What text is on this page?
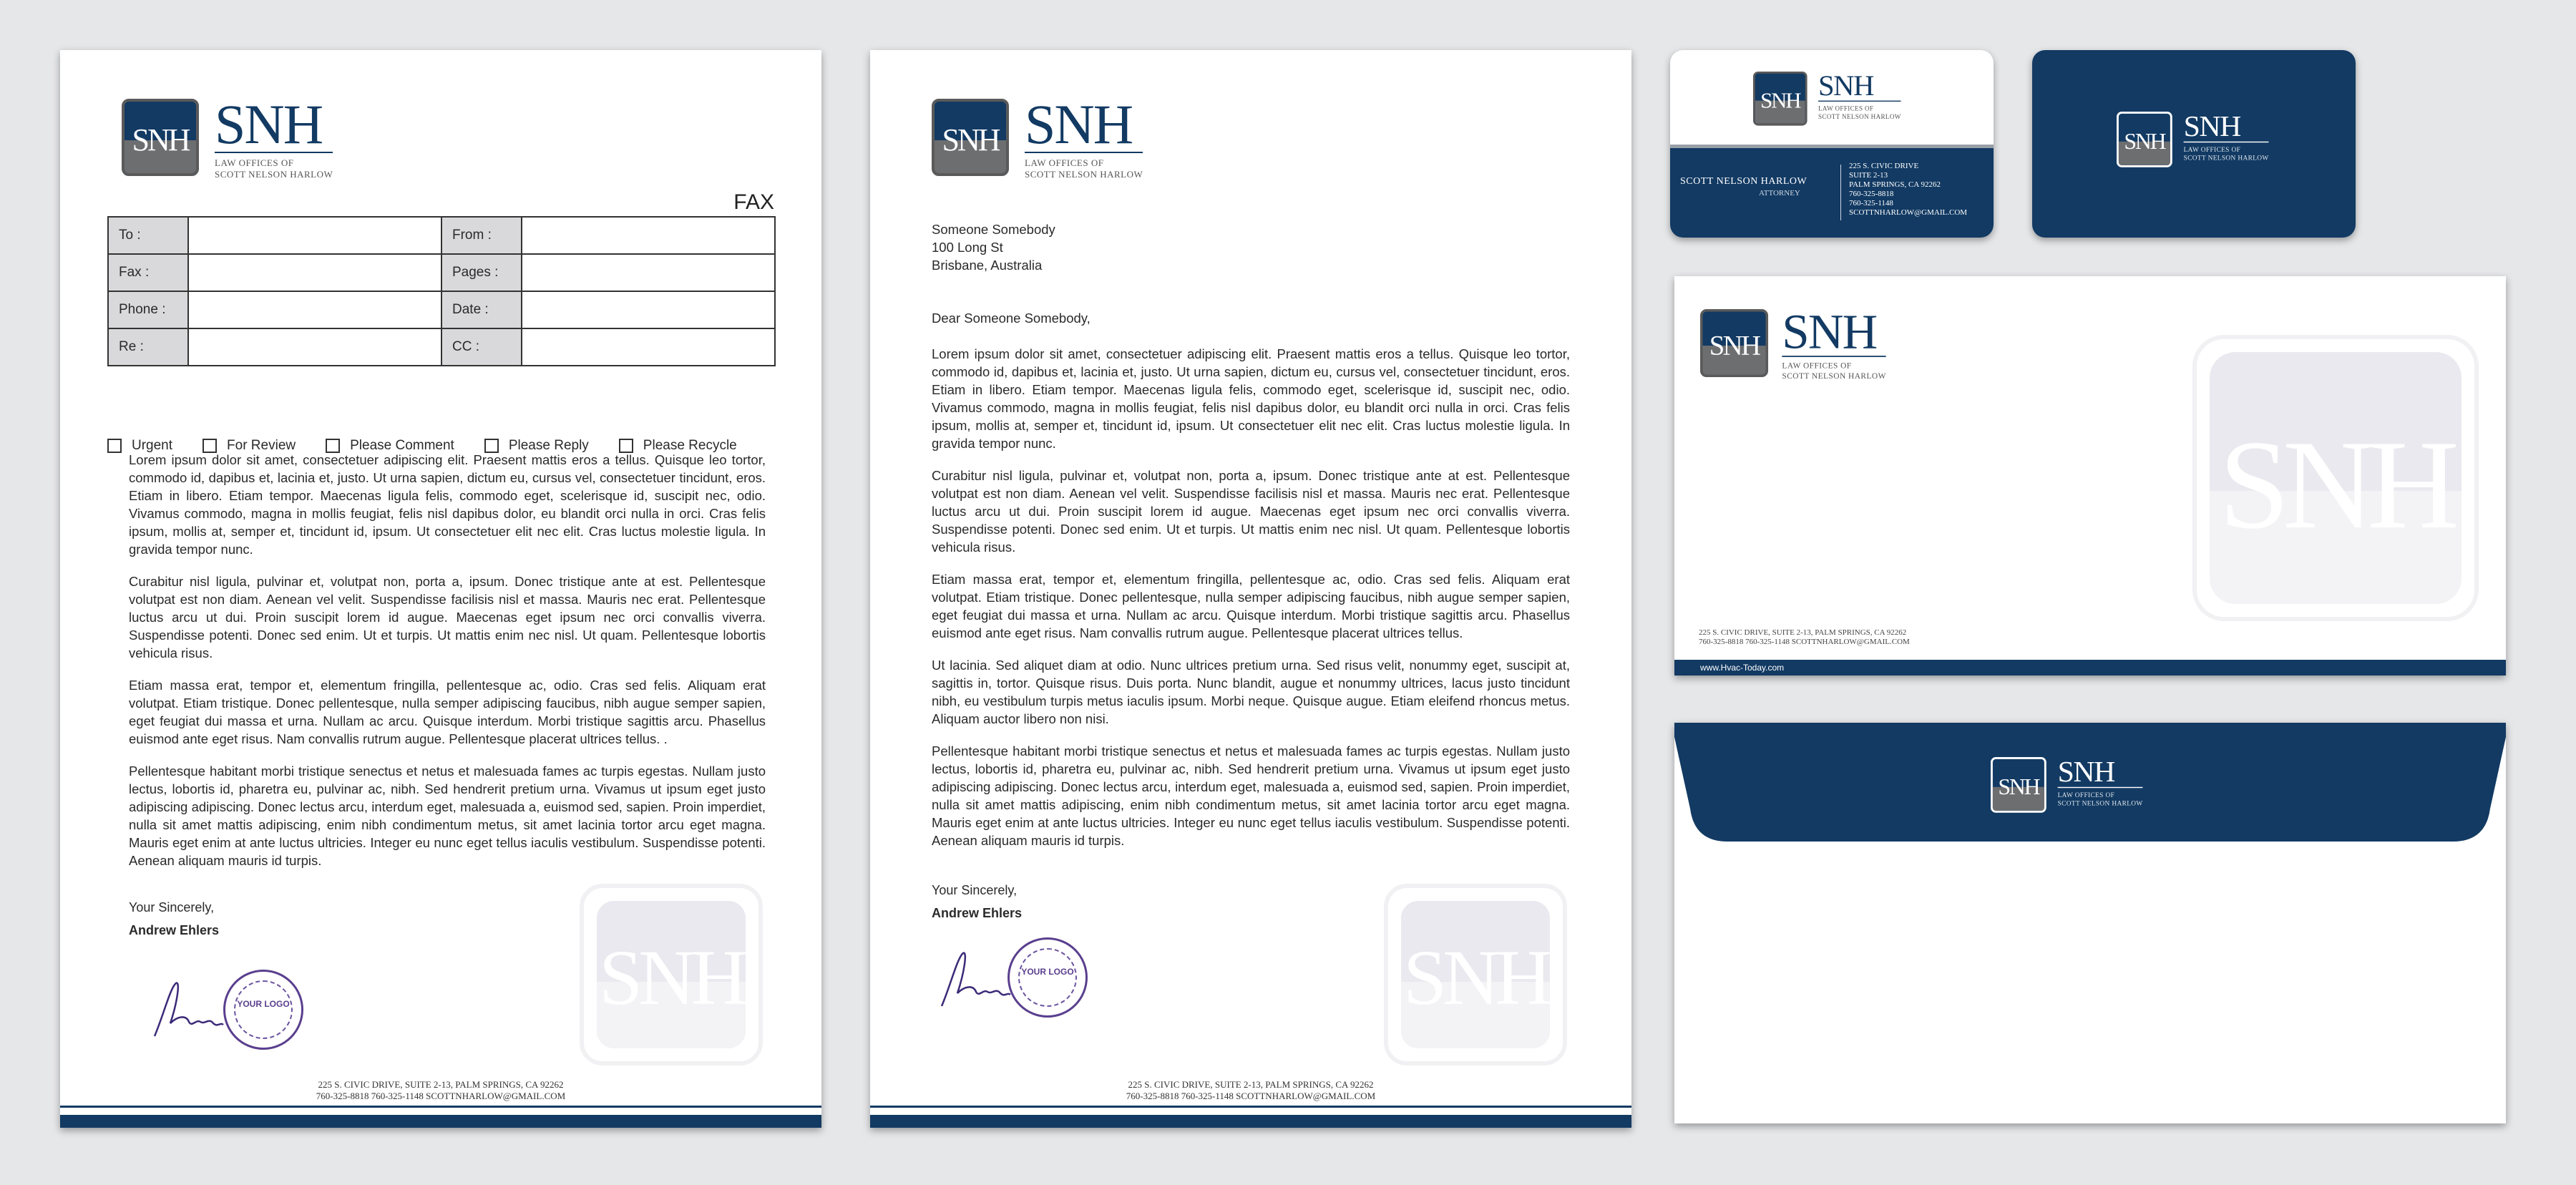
SNH SNH
LAW OFFICES OF
SCOTT NELSON HARLOW
FAX
To :		From :	
Fax :		Pages :	
Phone :		Date :	
Re :		CC :	
Urgent	For Review	Please Comment	Please Reply	Please Recycle
SNH

Lorem ipsum dolor sit amet, consectetuer adipiscing elit. Praesent mattis eros a tellus. Quisque leo tortor, commodo id, dapibus et, lacinia et, justo. Ut urna sapien, dictum eu, cursus vel, consectetuer tincidunt, eros. Etiam in libero. Etiam tempor. Maecenas ligula felis, commodo eget, scelerisque id, suscipit nec, odio. Vivamus commodo, magna in mollis feugiat, felis nisl dapibus dolor, eu blandit orci nulla in orci. Cras felis ipsum, mollis at, semper et, tincidunt id, ipsum. Ut consectetuer elit nec elit. Cras luctus molestie ligula. In gravida tempor nunc.

Curabitur nisl ligula, pulvinar et, volutpat non, porta a, ipsum. Donec tristique ante at est. Pellentesque volutpat est non diam. Aenean vel velit. Suspendisse facilisis nisl et massa. Mauris nec erat. Pellentesque luctus arcu ut dui. Proin suscipit lorem id augue. Maecenas eget ipsum nec orci convallis viverra. Suspendisse potenti. Donec sed enim. Ut et turpis. Ut mattis enim nec nisl. Ut quam. Pellentesque lobortis vehicula risus.

Etiam massa erat, tempor et, elementum fringilla, pellentesque ac, odio. Cras sed felis. Aliquam erat volutpat. Etiam tristique. Donec pellentesque, nulla semper adipiscing faucibus, nibh augue semper sapien, eget feugiat dui massa et urna. Nullam ac arcu. Quisque interdum. Morbi tristique sagittis arcu. Phasellus euismod ante eget risus. Nam convallis rutrum augue. Pellentesque placerat ultrices tellus. .

Pellentesque habitant morbi tristique senectus et netus et malesuada fames ac turpis egestas. Nullam justo lectus, lobortis id, pharetra eu, pulvinar ac, nibh. Sed hendrerit pretium urna. Vivamus ut ipsum eget justo adipiscing adipiscing. Donec lectus arcu, interdum eget, malesuada a, euismod sed, sapien. Proin imperdiet, nulla sit amet mattis adipiscing, enim nibh condimentum metus, sit amet lacinia tortor arcu eget magna. Mauris eget enim at ante luctus ultricies. Integer eu nunc eget tellus iaculis vestibulum. Suspendisse potenti. Aenean aliquam mauris id turpis.

Your Sincerely,
Andrew Ehlers
YOUR LOGO
225 S. CIVIC DRIVE, SUITE 2-13, PALM SPRINGS, CA 92262
760-325-8818 760-325-1148 SCOTTNHARLOW@GMAIL.COM
SNH SNH
LAW OFFICES OF
SCOTT NELSON HARLOW
Someone Somebody
100 Long St
Brisbane, Australia
Dear Someone Somebody,
SNH

Lorem ipsum dolor sit amet, consectetuer adipiscing elit. Praesent mattis eros a tellus. Quisque leo tortor, commodo id, dapibus et, lacinia et, justo. Ut urna sapien, dictum eu, cursus vel, consectetuer tincidunt, eros. Etiam in libero. Etiam tempor. Maecenas ligula felis, commodo eget, scelerisque id, suscipit nec, odio. Vivamus commodo, magna in mollis feugiat, felis nisl dapibus dolor, eu blandit orci nulla in orci. Cras felis ipsum, mollis at, semper et, tincidunt id, ipsum. Ut consectetuer elit nec elit. Cras luctus molestie ligula. In gravida tempor nunc.

Curabitur nisl ligula, pulvinar et, volutpat non, porta a, ipsum. Donec tristique ante at est. Pellentesque volutpat est non diam. Aenean vel velit. Suspendisse facilisis nisl et massa. Mauris nec erat. Pellentesque luctus arcu ut dui. Proin suscipit lorem id augue. Maecenas eget ipsum nec orci convallis viverra. Suspendisse potenti. Donec sed enim. Ut et turpis. Ut mattis enim nec nisl. Ut quam. Pellentesque lobortis vehicula risus.

Etiam massa erat, tempor et, elementum fringilla, pellentesque ac, odio. Cras sed felis. Aliquam erat volutpat. Etiam tristique. Donec pellentesque, nulla semper adipiscing faucibus, nibh augue semper sapien, eget feugiat dui massa et urna. Nullam ac arcu. Quisque interdum. Morbi tristique sagittis arcu. Phasellus euismod ante eget risus. Nam convallis rutrum augue. Pellentesque placerat ultrices tellus.

Ut lacinia. Sed aliquet diam at odio. Nunc ultrices pretium urna. Sed risus velit, nonummy eget, suscipit at, sagittis in, tortor. Quisque risus. Duis porta. Nunc blandit, augue et nonummy ultrices, lacus justo tincidunt nibh, eu vestibulum turpis metus iaculis ipsum. Morbi neque. Quisque augue. Etiam eleifend rhoncus metus. Aliquam auctor libero non nisi.

Pellentesque habitant morbi tristique senectus et netus et malesuada fames ac turpis egestas. Nullam justo lectus, lobortis id, pharetra eu, pulvinar ac, nibh. Sed hendrerit pretium urna. Vivamus ut ipsum eget justo adipiscing adipiscing. Donec lectus arcu, interdum eget, malesuada a, euismod sed, sapien. Proin imperdiet, nulla sit amet mattis adipiscing, enim nibh condimentum metus, sit amet lacinia tortor arcu eget magna. Mauris eget enim at ante luctus ultricies. Integer eu nunc eget tellus iaculis vestibulum. Suspendisse potenti. Aenean aliquam mauris id turpis.

Your Sincerely,
Andrew Ehlers
YOUR LOGO
225 S. CIVIC DRIVE, SUITE 2-13, PALM SPRINGS, CA 92262
760-325-8818 760-325-1148 SCOTTNHARLOW@GMAIL.COM
SNH SNH
LAW OFFICES OF
SCOTT NELSON HARLOW
SCOTT NELSON HARLOW
ATTORNEY
225 S. CIVIC DRIVE
SUITE 2-13
PALM SPRINGS, CA 92262
760-325-8818
760-325-1148
SCOTTNHARLOW@GMAIL.COM
SNH SNH
LAW OFFICES OF
SCOTT NELSON HARLOW
SNH SNH
LAW OFFICES OF
SCOTT NELSON HARLOW
SNH
225 S. CIVIC DRIVE, SUITE 2-13, PALM SPRINGS, CA 92262
760-325-8818 760-325-1148 SCOTTNHARLOW@GMAIL.COM
www.Hvac-Today.com
SNH SNH
LAW OFFICES OF
SCOTT NELSON HARLOW
